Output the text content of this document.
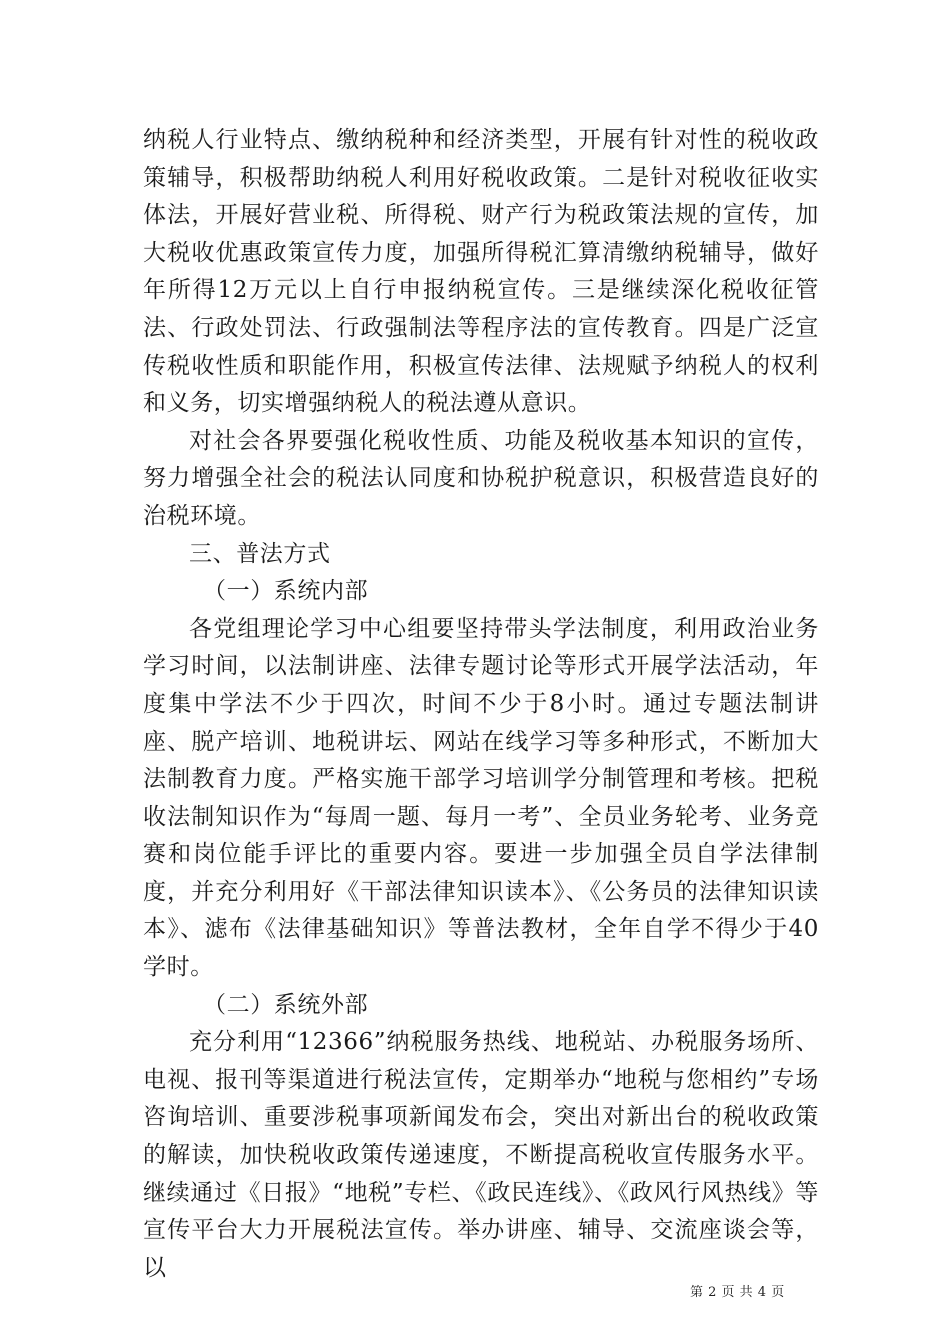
纳税人行业特点、缴纳税种和经济类型，开展有针对性的税收政策辅导，积极帮助纳税人利用好税收政策。二是针对税收征收实体法，开展好营业税、所得税、财产行为税政策法规的宣传，加大税收优惠政策宣传力度，加强所得税汇算清缴纳税辅导，做好年所得12万元以上自行申报纳税宣传。三是继续深化税收征管法、行政处罚法、行政强制法等程序法的宣传教育。四是广泛宣传税收性质和职能作用，积极宣传法律、法规赋予纳税人的权利和义务，切实增强纳税人的税法遵从意识。

对社会各界要强化税收性质、功能及税收基本知识的宣传，努力增强全社会的税法认同度和协税护税意识，积极营造良好的治税环境。

三、普法方式

（一）系统内部

各党组理论学习中心组要坚持带头学法制度，利用政治业务学习时间，以法制讲座、法律专题讨论等形式开展学法活动，年度集中学法不少于四次，时间不少于8小时。通过专题法制讲座、脱产培训、地税讲坛、网站在线学习等多种形式，不断加大法制教育力度。严格实施干部学习培训学分制管理和考核。把税收法制知识作为“每周一题、每月一考”、全员业务轮考、业务竞赛和岗位能手评比的重要内容。要进一步加强全员自学法律制度，并充分利用好《干部法律知识读本》、《公务员的法律知识读本》、滤布《法律基础知识》等普法教材，全年自学不得少于40学时。

（二）系统外部

充分利用“12366”纳税服务热线、地税站、办税服务场所、电视、报刊等渠道进行税法宣传，定期举办“地税与您相约”专场咨询培训、重要涉税事项新闻发布会，突出对新出台的税收政策的解读，加快税收政策传递速度，不断提高税收宣传服务水平。继续通过《日报》“地税”专栏、《政民连线》、《政风行风热线》等宣传平台大力开展税法宣传。举办讲座、辅导、交流座谈会等，以

第 2 页 共 4 页
